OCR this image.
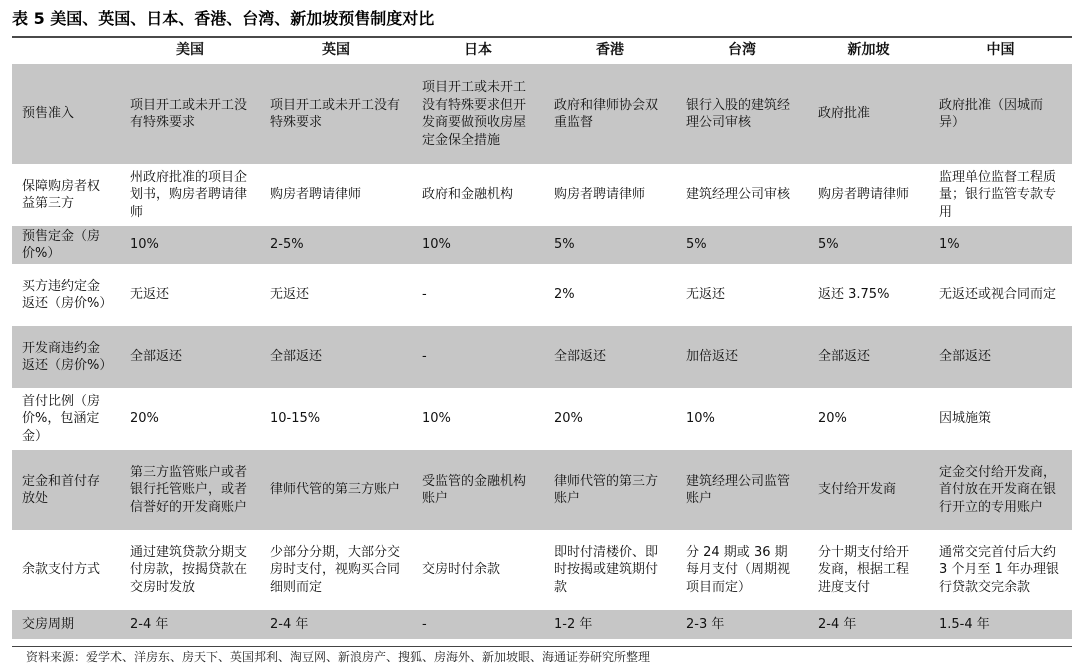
表 5 美国、英国、日本、香港、台湾、新加坡预售制度对比
	美国	英国	日本	香港	台湾	新加坡	中国
预售准入	项目开工或未开工没有特殊要求	项目开工或未开工没有特殊要求	项目开工或未开工没有特殊要求但开发商要做预收房屋定金保全措施	政府和律师协会双重监督	银行入股的建筑经理公司审核	政府批准	政府批准（因城而异）
保障购房者权益第三方	州政府批准的项目企划书，购房者聘请律师	购房者聘请律师	政府和金融机构	购房者聘请律师	建筑经理公司审核	购房者聘请律师	监理单位监督工程质量；银行监管专款专用
预售定金（房价%）	10%	2-5%	10%	5%	5%	5%	1%
买方违约定金返还（房价%）	无返还	无返还	-	2%	无返还	返还 3.75%	无返还或视合同而定
开发商违约金返还（房价%）	全部返还	全部返还	-	全部返还	加倍返还	全部返还	全部返还
首付比例（房价%，包涵定金）	20%	10-15%	10%	20%	10%	20%	因城施策
定金和首付存放处	第三方监管账户或者银行托管账户，或者信誉好的开发商账户	律师代管的第三方账户	受监管的金融机构账户	律师代管的第三方账户	建筑经理公司监管账户	支付给开发商	定金交付给开发商，首付放在开发商在银行开立的专用账户
余款支付方式	通过建筑贷款分期支付房款，按揭贷款在交房时发放	少部分分期，大部分交房时支付，视购买合同细则而定	交房时付余款	即时付清楼价、即时按揭或建筑期付款	分 24 期或 36 期每月支付（周期视项目而定）	分十期支付给开发商，根据工程进度支付	通常交完首付后大约 3 个月至 1 年办理银行贷款交完余款
交房周期	2-4 年	2-4 年	-	1-2 年	2-3 年	2-4 年	1.5-4 年
资料来源：爱学术、洋房东、房天下、英国邦利、淘豆网、新浪房产、搜狐、房海外、新加坡眼、海通证券研究所整理
